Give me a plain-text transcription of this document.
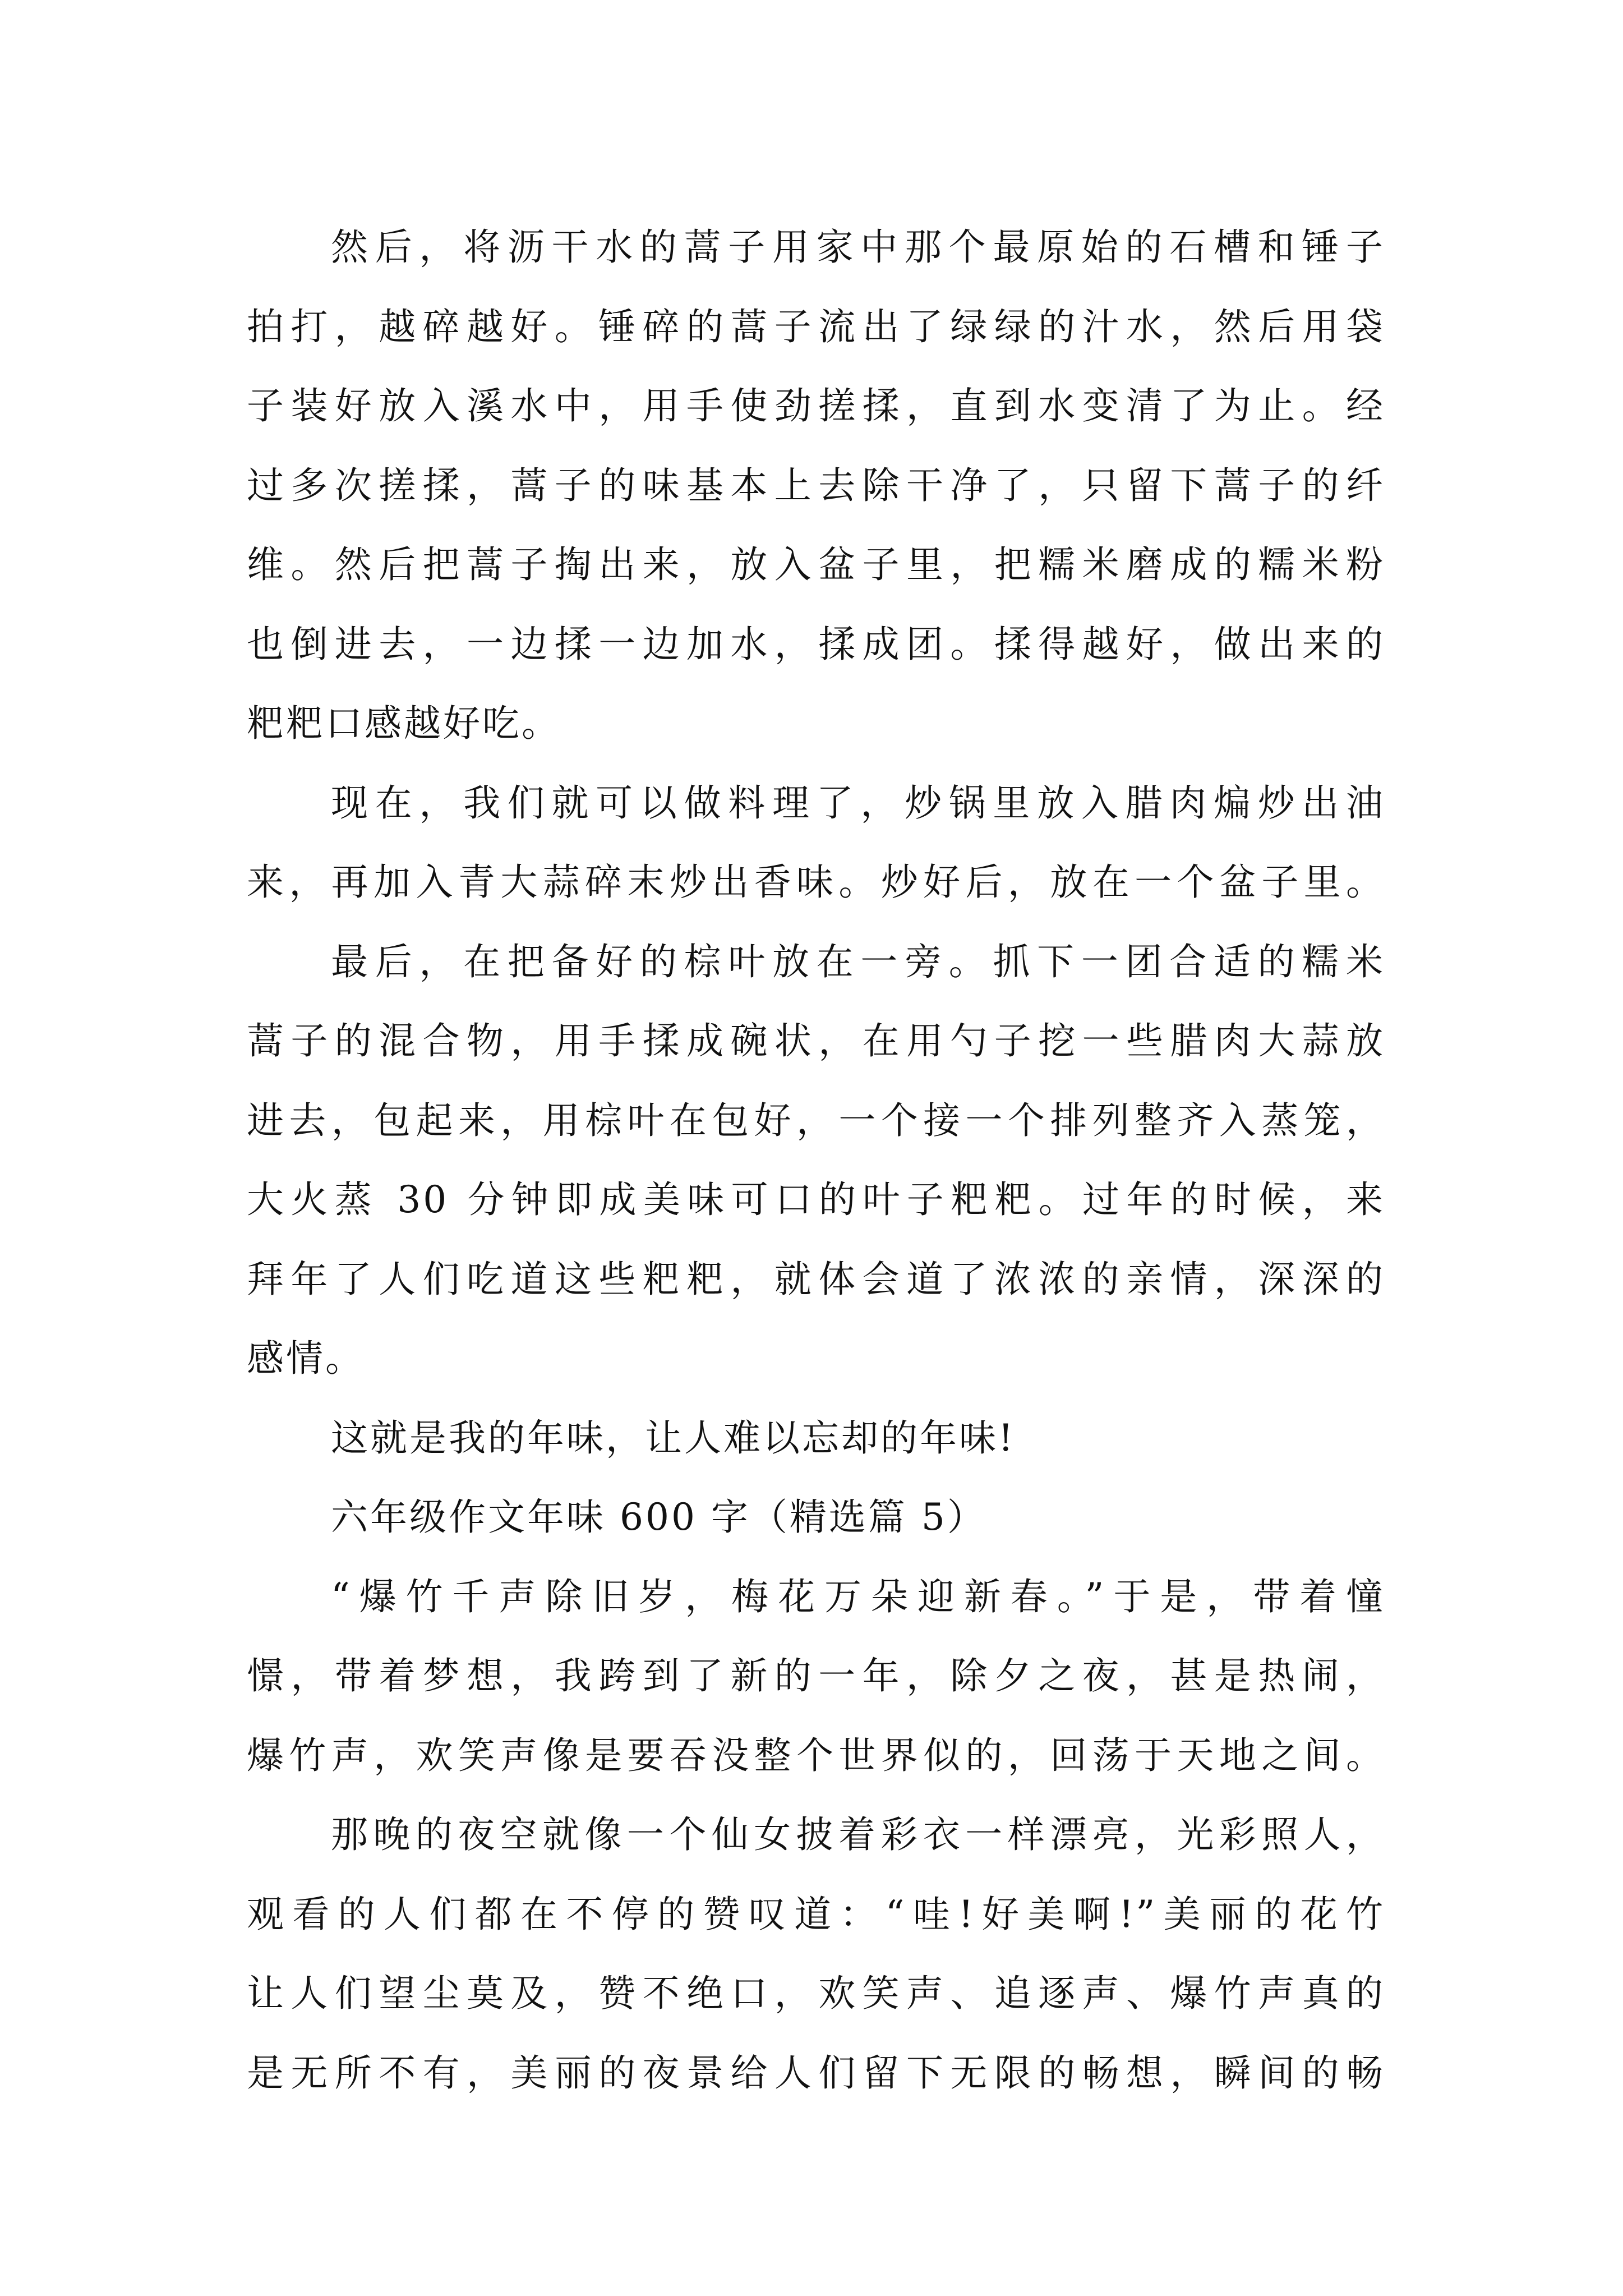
然后，将沥干水的蒿子用家中那个最原始的石槽和锤子
拍打，越碎越好。锤碎的蒿子流出了绿绿的汁水，然后用袋
子装好放入溪水中，用手使劲搓揉，直到水变清了为止。经
过多次搓揉，蒿子的味基本上去除干净了，只留下蒿子的纤
维。然后把蒿子掏出来，放入盆子里，把糯米磨成的糯米粉
也倒进去，一边揉一边加水，揉成团。揉得越好，做出来的
粑粑口感越好吃。
现在，我们就可以做料理了，炒锅里放入腊肉煸炒出油
来，再加入青大蒜碎末炒出香味。炒好后，放在一个盆子里。
最后，在把备好的棕叶放在一旁。抓下一团合适的糯米
蒿子的混合物，用手揉成碗状，在用勺子挖一些腊肉大蒜放
进去，包起来，用棕叶在包好，一个接一个排列整齐入蒸笼，
大火蒸 30 分钟即成美味可口的叶子粑粑。过年的时候，来
拜年了人们吃道这些粑粑，就体会道了浓浓的亲情，深深的
感情。
这就是我的年味，让人难以忘却的年味!
六年级作文年味 600 字（精选篇 5）
“爆竹千声除旧岁，梅花万朵迎新春。”于是，带着憧
憬，带着梦想，我跨到了新的一年，除夕之夜，甚是热闹，
爆竹声，欢笑声像是要吞没整个世界似的，回荡于天地之间。
那晚的夜空就像一个仙女披着彩衣一样漂亮，光彩照人，
观看的人们都在不停的赞叹道：“哇!好美啊!”美丽的花竹
让人们望尘莫及，赞不绝口，欢笑声、追逐声、爆竹声真的
是无所不有，美丽的夜景给人们留下无限的畅想，瞬间的畅
